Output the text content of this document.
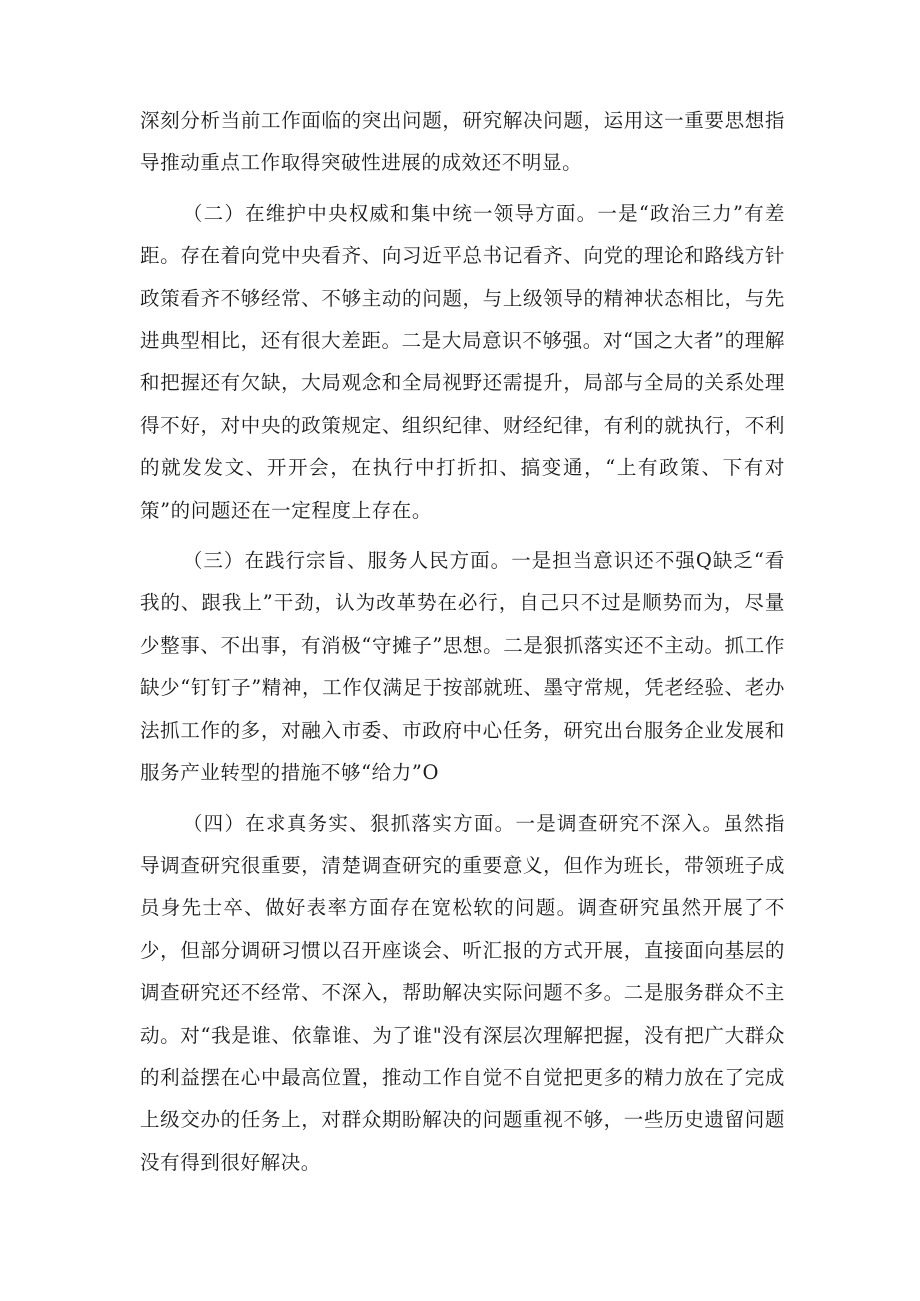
深刻分析当前工作面临的突出问题，研究解决问题，运用这一重要思想指导推动重点工作取得突破性进展的成效还不明显。

（二）在维护中央权威和集中统一领导方面。一是“政治三力”有差距。存在着向党中央看齐、向习近平总书记看齐、向党的理论和路线方针政策看齐不够经常、不够主动的问题，与上级领导的精神状态相比，与先进典型相比，还有很大差距。二是大局意识不够强。对“国之大者”的理解和把握还有欠缺，大局观念和全局视野还需提升，局部与全局的关系处理得不好，对中央的政策规定、组织纪律、财经纪律，有利的就执行，不利的就发发文、开开会，在执行中打折扣、搞变通，“上有政策、下有对策”的问题还在一定程度上存在。

（三）在践行宗旨、服务人民方面。一是担当意识还不强Q缺乏“看我的、跟我上”干劲，认为改革势在必行，自己只不过是顺势而为，尽量少整事、不出事，有消极“守摊子”思想。二是狠抓落实还不主动。抓工作缺少“钉钉子”精神，工作仅满足于按部就班、墨守常规，凭老经验、老办法抓工作的多，对融入市委、市政府中心任务，研究出台服务企业发展和服务产业转型的措施不够“给力”O

（四）在求真务实、狠抓落实方面。一是调查研究不深入。虽然指导调查研究很重要，清楚调查研究的重要意义，但作为班长，带领班子成员身先士卒、做好表率方面存在宽松软的问题。调查研究虽然开展了不少，但部分调研习惯以召开座谈会、听汇报的方式开展，直接面向基层的调查研究还不经常、不深入，帮助解决实际问题不多。二是服务群众不主动。对“我是谁、依靠谁、为了谁"没有深层次理解把握，没有把广大群众的利益摆在心中最高位置，推动工作自觉不自觉把更多的精力放在了完成上级交办的任务上，对群众期盼解决的问题重视不够，一些历史遗留问题没有得到很好解决。
